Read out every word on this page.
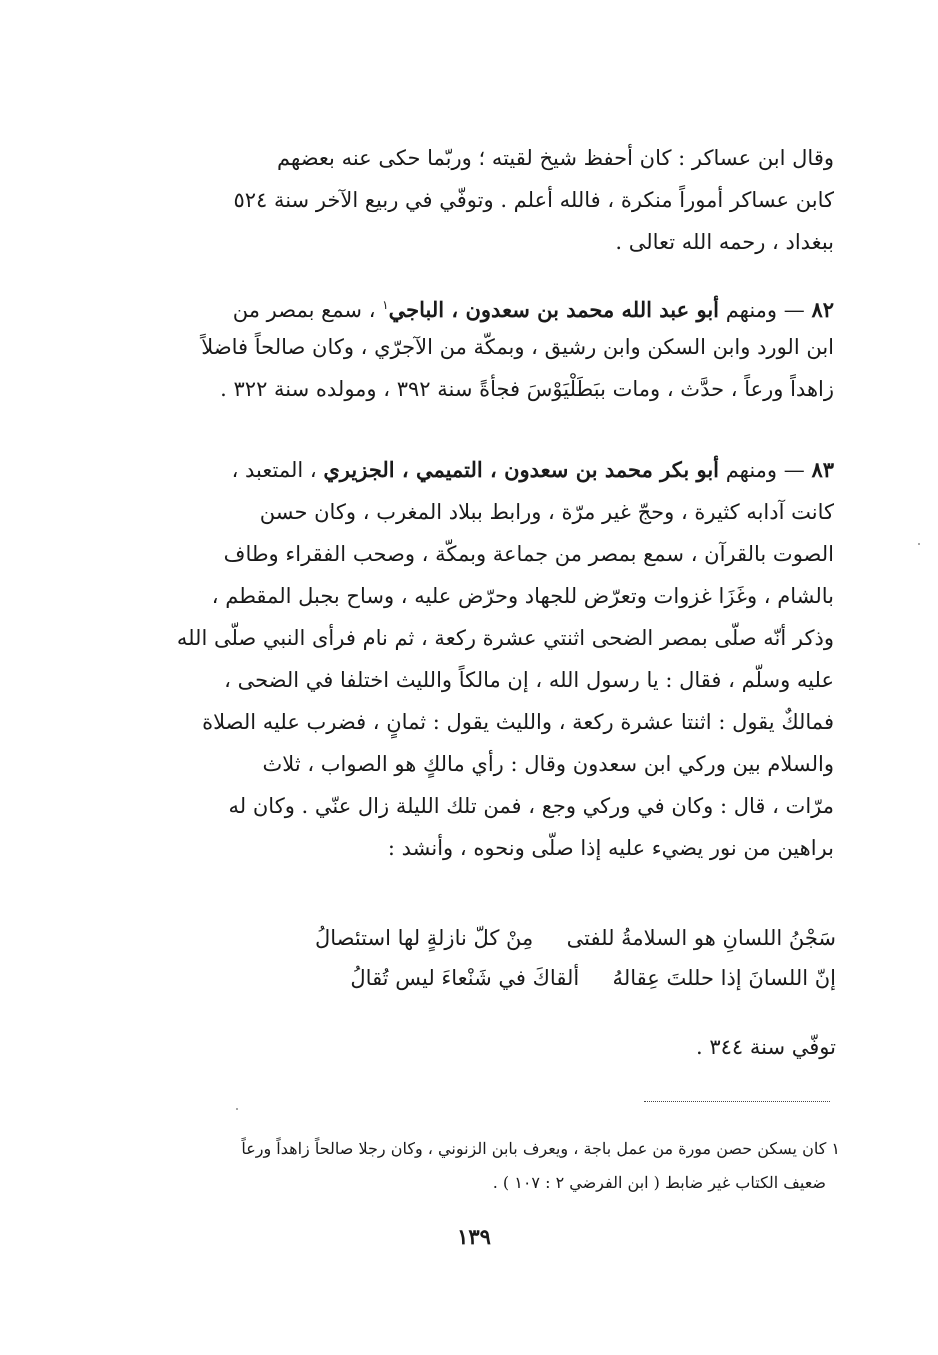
وقال ابن عساكر : كان أحفظ شيخ لقيته ؛ وربّما حكى عنه بعضهم
كابن عساكر أموراً منكرة ، فالله أعلم . وتوفّي في ربيع الآخر سنة ٥٢٤
ببغداد ، رحمه الله تعالى .
٨٢ — ومنهم أبو عبد الله محمد بن سعدون ، الباجي$^١$ ، سمع بمصر من
ابن الورد وابن السكن وابن رشيق ، وبمكّة من الآجرّي ، وكان صالحاً فاضلاً
زاهداً ورعاً ، حدَّث ، ومات ببَطَلْيَوْسَ فجأةً سنة ٣٩٢ ، ومولده سنة ٣٢٢ .
٨٣ — ومنهم أبو بكر محمد بن سعدون ، التميمي ، الجزيري ، المتعبد ،
كانت آدابه كثيرة ، وحجّ غير مرّة ، ورابط ببلاد المغرب ، وكان حسن
الصوت بالقرآن ، سمع بمصر من جماعة وبمكّة ، وصحب الفقراء وطاف
بالشام ، وغَزَا غزوات وتعرّض للجهاد وحرّض عليه ، وساح بجبل المقطم ،
وذكر أنّه صلّى بمصر الضحى اثنتي عشرة ركعة ، ثم نام فرأى النبي صلّى الله
عليه وسلّم ، فقال : يا رسول الله ، إن مالكاً والليث اختلفا في الضحى ،
فمالكٌ يقول : اثنتا عشرة ركعة ، والليث يقول : ثمانٍ ، فضرب عليه الصلاة
والسلام بين وركي ابن سعدون وقال : رأي مالكٍ هو الصواب ، ثلاث
مرّات ، قال : وكان في وركي وجع ، فمن تلك الليلة زال عنّي . وكان له
براهين من نور يضيء عليه إذا صلّى ونحوه ، وأنشد :
سَجْنُ اللسانِ هو السلامةُ للفتى     مِنْ كلّ نازلةٍ لها استئصالُ
إنّ اللسانَ إذا حللتَ عِقالهُ     ألقاكَ في شَنْعاءَ ليس تُقالُ
توفّي سنة ٣٤٤ .
١ كان يسكن حصن مورة من عمل باجة ، ويعرف بابن الزنوني ، وكان رجلا صالحاً زاهداً ورعاً
ضعيف الكتاب غير ضابط ( ابن الفرضي ٢ : ١٠٧ ) .
١٣٩
